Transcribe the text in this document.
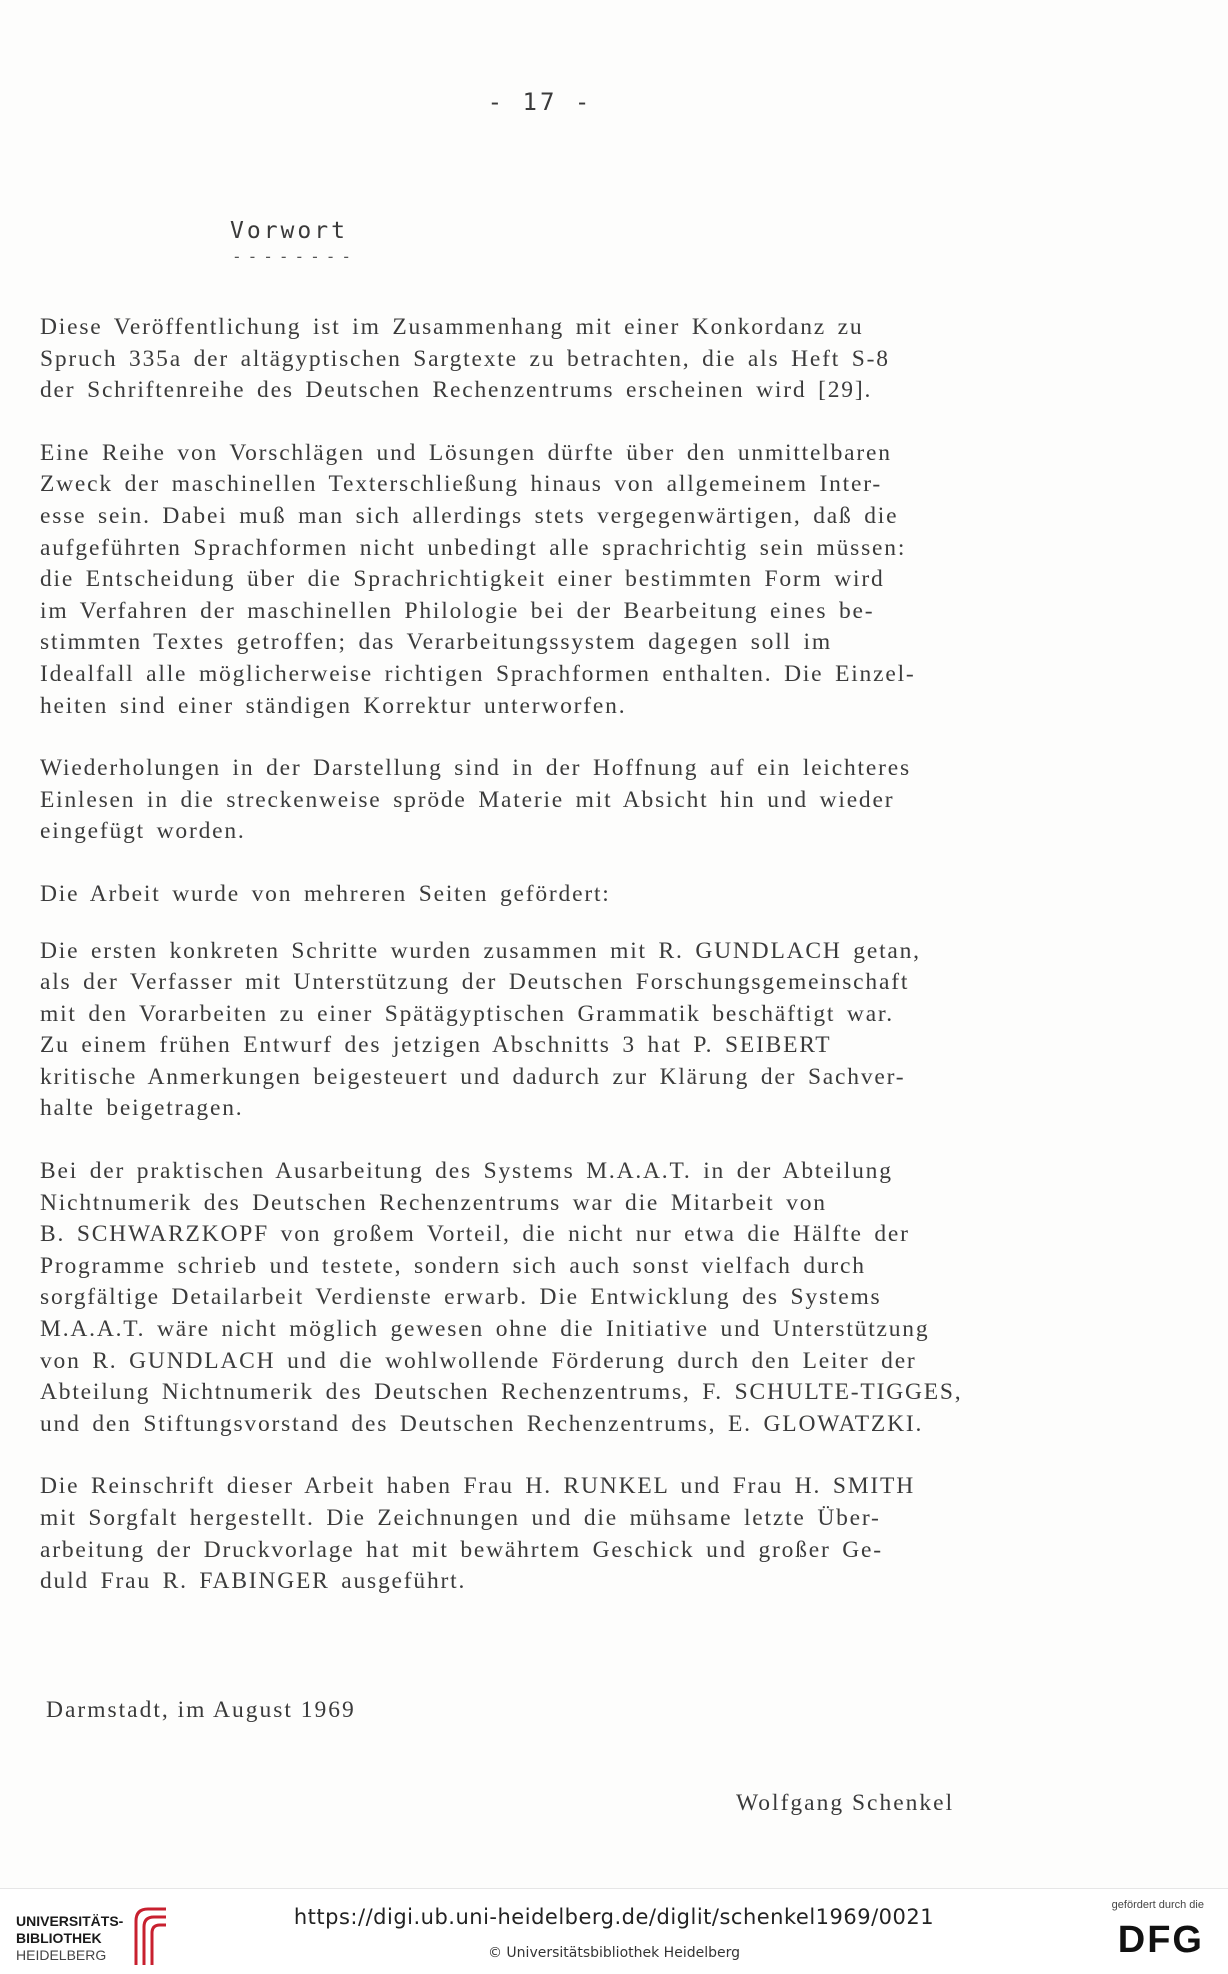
- 17 -
Vorwort
--------

Diese Veröffentlichung ist im Zusammenhang mit einer Konkordanz zu
Spruch 335a der altägyptischen Sargtexte zu betrachten, die als Heft S-8
der Schriftenreihe des Deutschen Rechenzentrums erscheinen wird [29].

Eine Reihe von Vorschlägen und Lösungen dürfte über den unmittelbaren
Zweck der maschinellen Texterschließung hinaus von allgemeinem Inter-
esse sein. Dabei muß man sich allerdings stets vergegenwärtigen, daß die
aufgeführten Sprachformen nicht unbedingt alle sprachrichtig sein müssen:
die Entscheidung über die Sprachrichtigkeit einer bestimmten Form wird
im Verfahren der maschinellen Philologie bei der Bearbeitung eines be-
stimmten Textes getroffen; das Verarbeitungssystem dagegen soll im
Idealfall alle möglicherweise richtigen Sprachformen enthalten. Die Einzel-
heiten sind einer ständigen Korrektur unterworfen.

Wiederholungen in der Darstellung sind in der Hoffnung auf ein leichteres
Einlesen in die streckenweise spröde Materie mit Absicht hin und wieder
eingefügt worden.

Die Arbeit wurde von mehreren Seiten gefördert:

Die ersten konkreten Schritte wurden zusammen mit R. GUNDLACH getan,
als der Verfasser mit Unterstützung der Deutschen Forschungsgemeinschaft
mit den Vorarbeiten zu einer Spätägyptischen Grammatik beschäftigt war.
Zu einem frühen Entwurf des jetzigen Abschnitts 3 hat P. SEIBERT
kritische Anmerkungen beigesteuert und dadurch zur Klärung der Sachver-
halte beigetragen.

Bei der praktischen Ausarbeitung des Systems M.A.A.T. in der Abteilung
Nichtnumerik des Deutschen Rechenzentrums war die Mitarbeit von
B. SCHWARZKOPF von großem Vorteil, die nicht nur etwa die Hälfte der
Programme schrieb und testete, sondern sich auch sonst vielfach durch
sorgfältige Detailarbeit Verdienste erwarb. Die Entwicklung des Systems
M.A.A.T. wäre nicht möglich gewesen ohne die Initiative und Unterstützung
von R. GUNDLACH und die wohlwollende Förderung durch den Leiter der
Abteilung Nichtnumerik des Deutschen Rechenzentrums, F. SCHULTE-TIGGES,
und den Stiftungsvorstand des Deutschen Rechenzentrums, E. GLOWATZKI.

Die Reinschrift dieser Arbeit haben Frau H. RUNKEL und Frau H. SMITH
mit Sorgfalt hergestellt. Die Zeichnungen und die mühsame letzte Über-
arbeitung der Druckvorlage hat mit bewährtem Geschick und großer Ge-
duld Frau R. FABINGER ausgeführt.

Darmstadt, im August 1969
Wolfgang Schenkel
UNIVERSITÄTS-
BIBLIOTHEK
HEIDELBERG
https://digi.ub.uni-heidelberg.de/diglit/schenkel1969/0021
© Universitätsbibliothek Heidelberg
gefördert durch die
DFG
